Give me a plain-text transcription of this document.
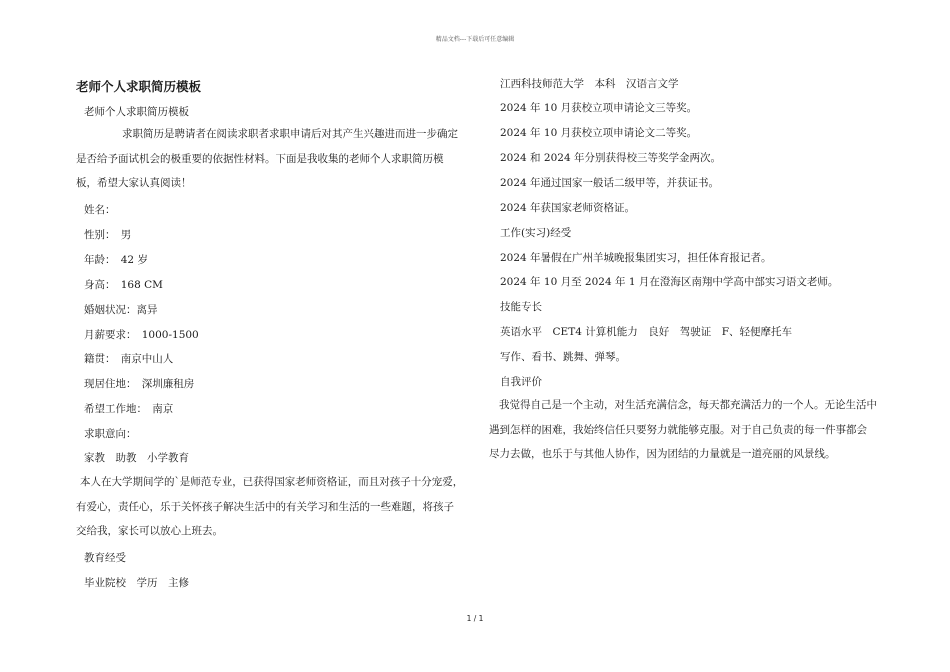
精品文档---下载后可任意编辑
老师个人求职简历模板
老师个人求职简历模板
求职简历是聘请者在阅读求职者求职申请后对其产生兴趣进而进一步确定是否给予面试机会的极重要的依据性材料。下面是我收集的老师个人求职简历模板，希望大家认真阅读！
姓名：
性别：　男
年龄：　42 岁
身高：　168 CM
婚姻状况：离异
月薪要求：　1000-1500
籍贯：　南京中山人
现居住地：　深圳廉租房
希望工作地：　南京
求职意向：
家教　助教　小学教育
本人在大学期间学的`是师范专业，已获得国家老师资格证，而且对孩子十分宠爱，有爱心，责任心，乐于关怀孩子解决生活中的有关学习和生活的一些难题，将孩子交给我，家长可以放心上班去。
教育经受
毕业院校　学历　主修
江西科技师范大学　本科　汉语言文学
2024 年 10 月获校立项申请论文三等奖。
2024 年 10 月获校立项申请论文二等奖。
2024 和 2024 年分别获得校三等奖学金两次。
2024 年通过国家一般话二级甲等，并获证书。
2024 年获国家老师资格证。
工作(实习)经受
2024 年暑假在广州羊城晚报集团实习，担任体育报记者。
2024 年 10 月至 2024 年 1 月在澄海区南翔中学高中部实习语文老师。
技能专长
英语水平　CET4 计算机能力　良好　驾驶证　F、轻便摩托车
写作、看书、跳舞、弹琴。
自我评价
我觉得自己是一个主动，对生活充满信念，每天都充满活力的一个人。无论生活中遇到怎样的困难，我始终信任只要努力就能够克服。对于自己负责的每一件事都会尽力去做，也乐于与其他人协作，因为团结的力量就是一道亮丽的风景线。
1 / 1
